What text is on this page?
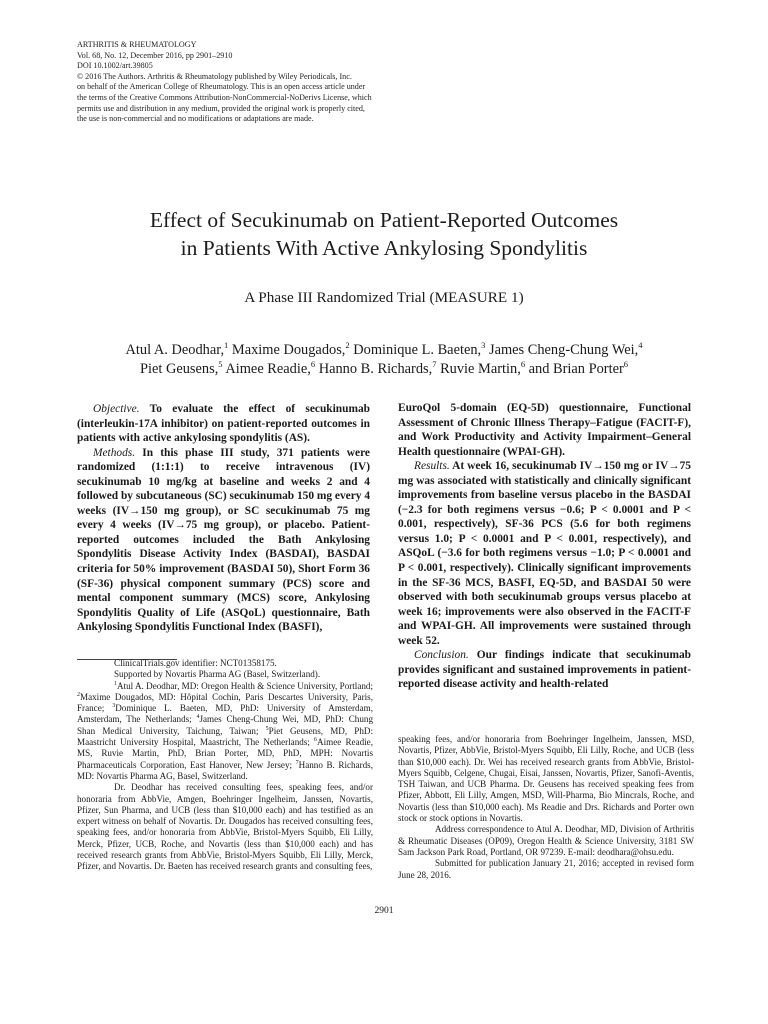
ARTHRITIS & RHEUMATOLOGY
Vol. 68, No. 12, December 2016, pp 2901–2910
DOI 10.1002/art.39805
© 2016 The Authors. Arthritis & Rheumatology published by Wiley Periodicals, Inc.
on behalf of the American College of Rheumatology. This is an open access article under
the terms of the Creative Commons Attribution-NonCommercial-NoDerivs License, which
permits use and distribution in any medium, provided the original work is properly cited,
the use is non-commercial and no modifications or adaptations are made.
Effect of Secukinumab on Patient-Reported Outcomes
in Patients With Active Ankylosing Spondylitis
A Phase III Randomized Trial (MEASURE 1)
Atul A. Deodhar,$^1$ Maxime Dougados,$^2$ Dominique L. Baeten,$^3$ James Cheng-Chung Wei,$^4$
Piet Geusens,$^5$ Aimee Readie,$^6$ Hanno B. Richards,$^7$ Ruvie Martin,$^6$ and Brian Porter$^6$

Objective. To evaluate the effect of secukinumab (interleukin-17A inhibitor) on patient-reported outcomes in patients with active ankylosing spondylitis (AS).

Methods. In this phase III study, 371 patients were randomized (1:1:1) to receive intravenous (IV) secukinumab 10 mg/kg at baseline and weeks 2 and 4 followed by subcutaneous (SC) secukinumab 150 mg every 4 weeks (IV→150 mg group), or SC secukinumab 75 mg every 4 weeks (IV→75 mg group), or placebo. Patient-reported outcomes included the Bath Ankylosing Spondylitis Disease Activity Index (BASDAI), BASDAI criteria for 50% improvement (BASDAI 50), Short Form 36 (SF-36) physical component summary (PCS) score and mental component summary (MCS) score, Ankylosing Spondylitis Quality of Life (ASQoL) questionnaire, Bath Ankylosing Spondylitis Functional Index (BASFI),

EuroQol 5-domain (EQ-5D) questionnaire, Functional Assessment of Chronic Illness Therapy–Fatigue (FACIT-F), and Work Productivity and Activity Impairment–General Health questionnaire (WPAI-GH).

Results. At week 16, secukinumab IV→150 mg or IV→75 mg was associated with statistically and clinically significant improvements from baseline versus placebo in the BASDAI (−2.3 for both regimens versus −0.6; P < 0.0001 and P < 0.001, respectively), SF-36 PCS (5.6 for both regimens versus 1.0; P < 0.0001 and P < 0.001, respectively), and ASQoL (−3.6 for both regimens versus −1.0; P < 0.0001 and P < 0.001, respectively). Clinically significant improvements in the SF-36 MCS, BASFI, EQ-5D, and BASDAI 50 were observed with both secukinumab groups versus placebo at week 16; improvements were also observed in the FACIT-F and WPAI-GH. All improvements were sustained through week 52.

Conclusion. Our findings indicate that secukinumab provides significant and sustained improvements in patient-reported disease activity and health-related

ClinicalTrials.gov identifier: NCT01358175.

Supported by Novartis Pharma AG (Basel, Switzerland).

$^1$Atul A. Deodhar, MD: Oregon Health & Science University, Portland; $^2$Maxime Dougados, MD: Hôpital Cochin, Paris Descartes University, Paris, France; $^3$Dominique L. Baeten, MD, PhD: University of Amsterdam, Amsterdam, The Netherlands; $^4$James Cheng-Chung Wei, MD, PhD: Chung Shan Medical University, Taichung, Taiwan; $^5$Piet Geusens, MD, PhD: Maastricht University Hospital, Maastricht, The Netherlands; $^6$Aimee Readie, MS, Ruvie Martin, PhD, Brian Porter, MD, PhD, MPH: Novartis Pharmaceuticals Corporation, East Hanover, New Jersey; $^7$Hanno B. Richards, MD: Novartis Pharma AG, Basel, Switzerland.

Dr. Deodhar has received consulting fees, speaking fees, and/or honoraria from AbbVie, Amgen, Boehringer Ingelheim, Janssen, Novartis, Pfizer, Sun Pharma, and UCB (less than $10,000 each) and has testified as an expert witness on behalf of Novartis. Dr. Dougados has received consulting fees, speaking fees, and/or honoraria from AbbVie, Bristol-Myers Squibb, Eli Lilly, Merck, Pfizer, UCB, Roche, and Novartis (less than $10,000 each) and has received research grants from AbbVie, Bristol-Myers Squibb, Eli Lilly, Merck, Pfizer, and Novartis. Dr. Baeten has received research grants and consulting fees,

speaking fees, and/or honoraria from Boehringer Ingelheim, Janssen, MSD, Novartis, Pfizer, AbbVie, Bristol-Myers Squibb, Eli Lilly, Roche, and UCB (less than $10,000 each). Dr. Wei has received research grants from AbbVie, Bristol-Myers Squibb, Celgene, Chugai, Eisai, Janssen, Novartis, Pfizer, Sanofi-Aventis, TSH Taiwan, and UCB Pharma. Dr. Geusens has received speaking fees from Pfizer, Abbott, Eli Lilly, Amgen, MSD, Will-Pharma, Bio Mincrals, Roche, and Novartis (less than $10,000 each). Ms Readie and Drs. Richards and Porter own stock or stock options in Novartis.

Address correspondence to Atul A. Deodhar, MD, Division of Arthritis & Rheumatic Diseases (OP09), Oregon Health & Science University, 3181 SW Sam Jackson Park Road, Portland, OR 97239. E-mail: deodhara@ohsu.edu.

Submitted for publication January 21, 2016; accepted in revised form June 28, 2016.

2901
